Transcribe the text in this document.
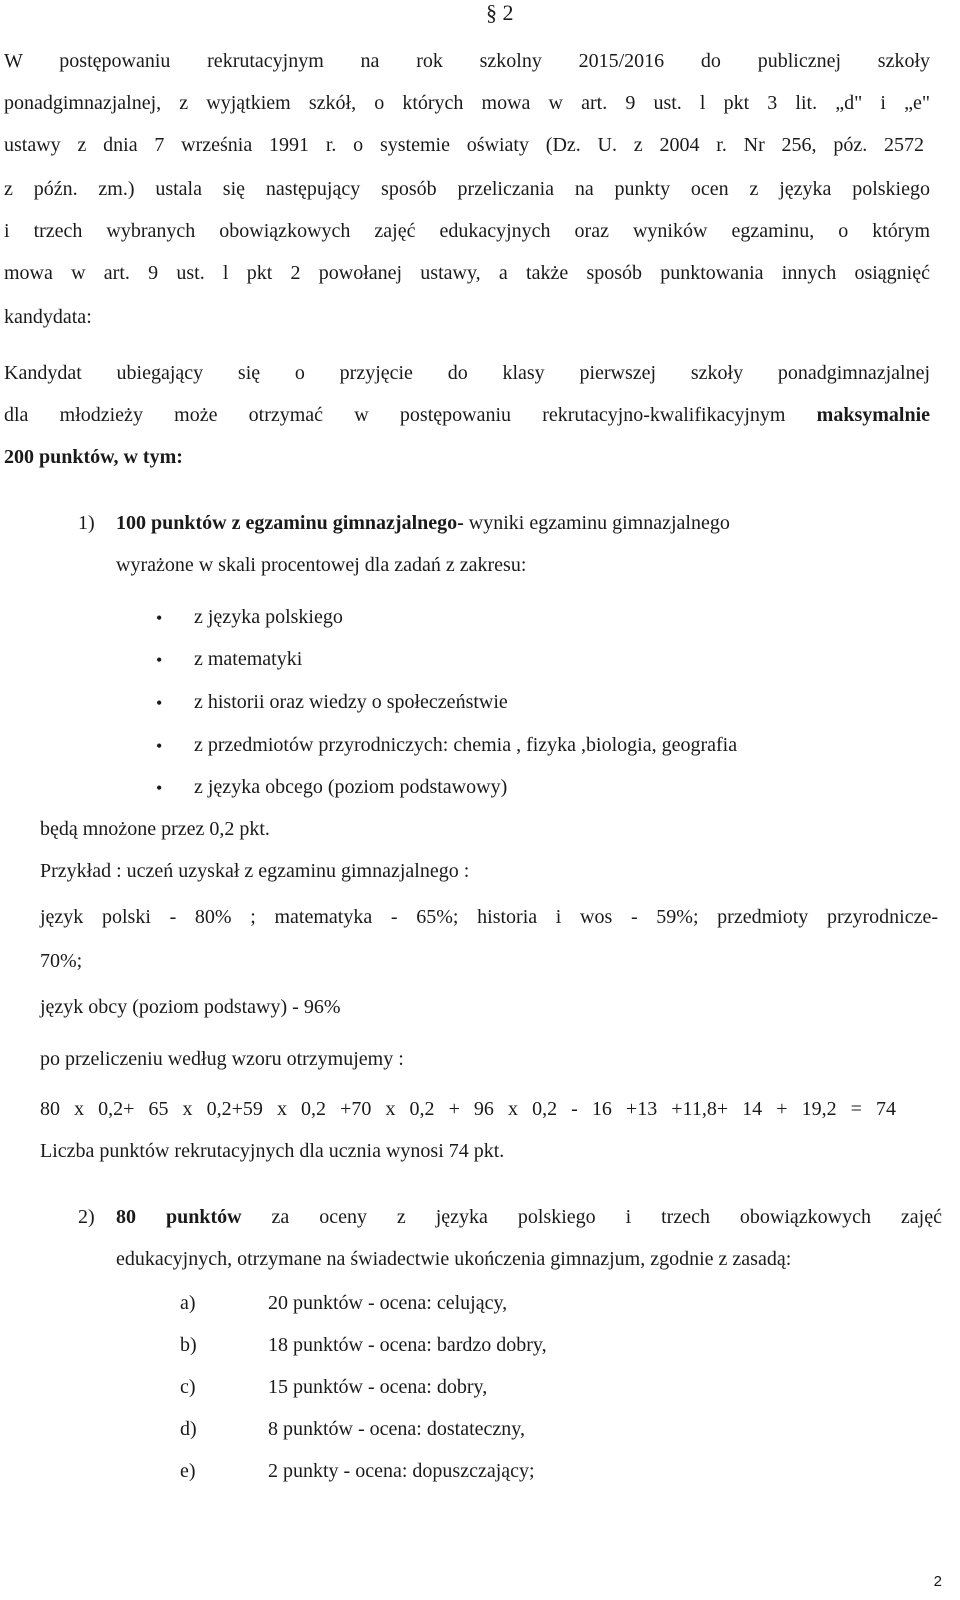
§ 2
W postępowaniu rekrutacyjnym na rok szkolny 2015/2016 do publicznej szkoły
ponadgimnazjalnej, z wyjątkiem szkół, o których mowa w art. 9 ust. l pkt 3 lit. „d" i „e"
ustawy z dnia 7 września 1991 r. o systemie oświaty (Dz. U. z 2004 r. Nr 256, póz. 2572
z późn. zm.) ustala się następujący sposób przeliczania na punkty ocen z języka polskiego
i trzech wybranych obowiązkowych zajęć edukacyjnych oraz wyników egzaminu, o którym
mowa w art. 9 ust. l pkt 2 powołanej ustawy, a także sposób punktowania innych osiągnięć
kandydata:
Kandydat ubiegający się o przyjęcie do klasy pierwszej szkoły ponadgimnazjalnej
dla młodzieży może otrzymać w postępowaniu rekrutacyjno-kwalifikacyjnym maksymalnie
200 punktów, w tym:
1) 100 punktów z egzaminu gimnazjalnego- wyniki egzaminu gimnazjalnego
wyrażone w skali procentowej dla zadań z zakresu:
• z języka polskiego
• z matematyki
• z historii oraz wiedzy o społeczeństwie
• z przedmiotów przyrodniczych: chemia , fizyka ,biologia, geografia
• z języka obcego (poziom podstawowy)
będą mnożone przez 0,2 pkt.
Przykład : uczeń uzyskał z egzaminu gimnazjalnego :
język polski - 80% ; matematyka - 65%; historia i wos - 59%; przedmioty przyrodnicze-
70%;
język obcy (poziom podstawy) - 96%
po przeliczeniu według wzoru otrzymujemy :
80 x 0,2+ 65 x 0,2+59 x 0,2 +70 x 0,2 + 96 x 0,2 - 16 +13 +11,8+ 14 + 19,2 = 74
Liczba punktów rekrutacyjnych dla ucznia wynosi 74 pkt.
2) 80 punktów za oceny z języka polskiego i trzech obowiązkowych zajęć
edukacyjnych, otrzymane na świadectwie ukończenia gimnazjum, zgodnie z zasadą:
a)	20 punktów - ocena: celujący,
b)	18 punktów - ocena: bardzo dobry,
c)	15 punktów - ocena: dobry,
d)	8 punktów - ocena: dostateczny,
e)	2 punkty - ocena: dopuszczający;
2
